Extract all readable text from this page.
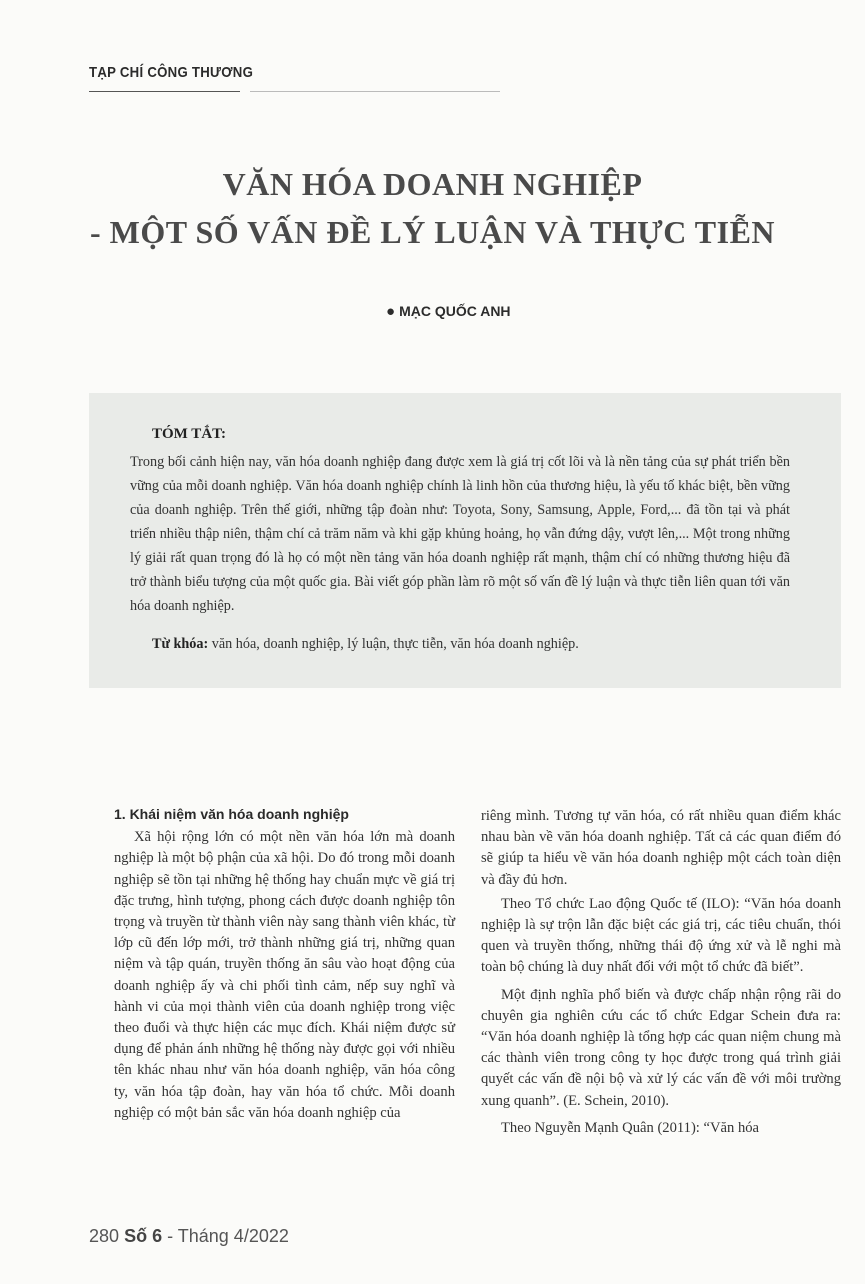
TẠP CHÍ CÔNG THƯƠNG
VĂN HÓA DOANH NGHIỆP
- MỘT SỐ VẤN ĐỀ LÝ LUẬN VÀ THỰC TIỄN
● MẠC QUỐC ANH
TÓM TẮT:
Trong bối cảnh hiện nay, văn hóa doanh nghiệp đang được xem là giá trị cốt lõi và là nền tảng của sự phát triển bền vững của mỗi doanh nghiệp. Văn hóa doanh nghiệp chính là linh hồn của thương hiệu, là yếu tố khác biệt, bền vững của doanh nghiệp. Trên thế giới, những tập đoàn như: Toyota, Sony, Samsung, Apple, Ford,... đã tồn tại và phát triển nhiều thập niên, thậm chí cả trăm năm và khi gặp khủng hoảng, họ vẫn đứng dậy, vượt lên,... Một trong những lý giải rất quan trọng đó là họ có một nền tảng văn hóa doanh nghiệp rất mạnh, thậm chí có những thương hiệu đã trở thành biểu tượng của một quốc gia. Bài viết góp phần làm rõ một số vấn đề lý luận và thực tiễn liên quan tới văn hóa doanh nghiệp.
Từ khóa: văn hóa, doanh nghiệp, lý luận, thực tiễn, văn hóa doanh nghiệp.
1. Khái niệm văn hóa doanh nghiệp

Xã hội rộng lớn có một nền văn hóa lớn mà doanh nghiệp là một bộ phận của xã hội. Do đó trong mỗi doanh nghiệp sẽ tồn tại những hệ thống hay chuẩn mực về giá trị đặc trưng, hình tượng, phong cách được doanh nghiệp tôn trọng và truyền từ thành viên này sang thành viên khác, từ lớp cũ đến lớp mới, trở thành những giá trị, những quan niệm và tập quán, truyền thống ăn sâu vào hoạt động của doanh nghiệp ấy và chi phối tình cảm, nếp suy nghĩ và hành vi của mọi thành viên của doanh nghiệp trong việc theo đuổi và thực hiện các mục đích. Khái niệm được sử dụng để phản ánh những hệ thống này được gọi với nhiều tên khác nhau như văn hóa doanh nghiệp, văn hóa công ty, văn hóa tập đoàn, hay văn hóa tổ chức. Mỗi doanh nghiệp có một bản sắc văn hóa doanh nghiệp của

riêng mình. Tương tự văn hóa, có rất nhiều quan điểm khác nhau bàn về văn hóa doanh nghiệp. Tất cả các quan điểm đó sẽ giúp ta hiểu về văn hóa doanh nghiệp một cách toàn diện và đầy đủ hơn.

Theo Tổ chức Lao động Quốc tế (ILO): “Văn hóa doanh nghiệp là sự trộn lẫn đặc biệt các giá trị, các tiêu chuẩn, thói quen và truyền thống, những thái độ ứng xử và lễ nghi mà toàn bộ chúng là duy nhất đối với một tổ chức đã biết”.

Một định nghĩa phổ biến và được chấp nhận rộng rãi do chuyên gia nghiên cứu các tổ chức Edgar Schein đưa ra: “Văn hóa doanh nghiệp là tổng hợp các quan niệm chung mà các thành viên trong công ty học được trong quá trình giải quyết các vấn đề nội bộ và xử lý các vấn đề với môi trường xung quanh”. (E. Schein, 2010).

Theo Nguyễn Mạnh Quân (2011): “Văn hóa

280 Số 6 - Tháng 4/2022
